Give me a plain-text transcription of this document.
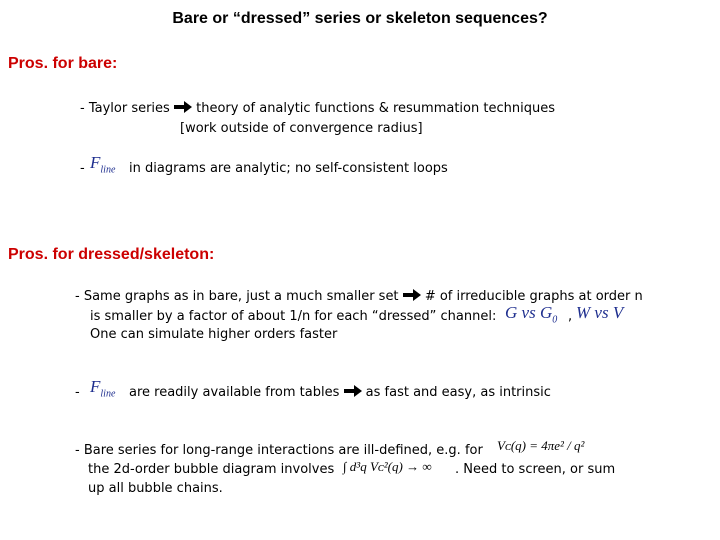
Bare or “dressed” series or skeleton sequences?
Pros. for bare:
- Taylor series theory of analytic functions & resummation techniques
[work outside of convergence radius]
- $F_{line}$ in diagrams are analytic; no self-consistent loops
Pros. for dressed/skeleton:
- Same graphs as in bare, just a much smaller set # of irreducible graphs at order n
is smaller by a factor of about 1/n for each “dressed” channel: G vs $G_0$ , W vs V
One can simulate higher orders faster
- $F_{line}$ are readily available from tables as fast and easy, as intrinsic
- Bare series for long-range interactions are ill-defined, e.g. for Vᴄ(q) = 4πe² / q²
the 2d-order bubble diagram involves ∫ d³q Vᴄ²(q) → ∞ . Need to screen, or sum
up all bubble chains.
